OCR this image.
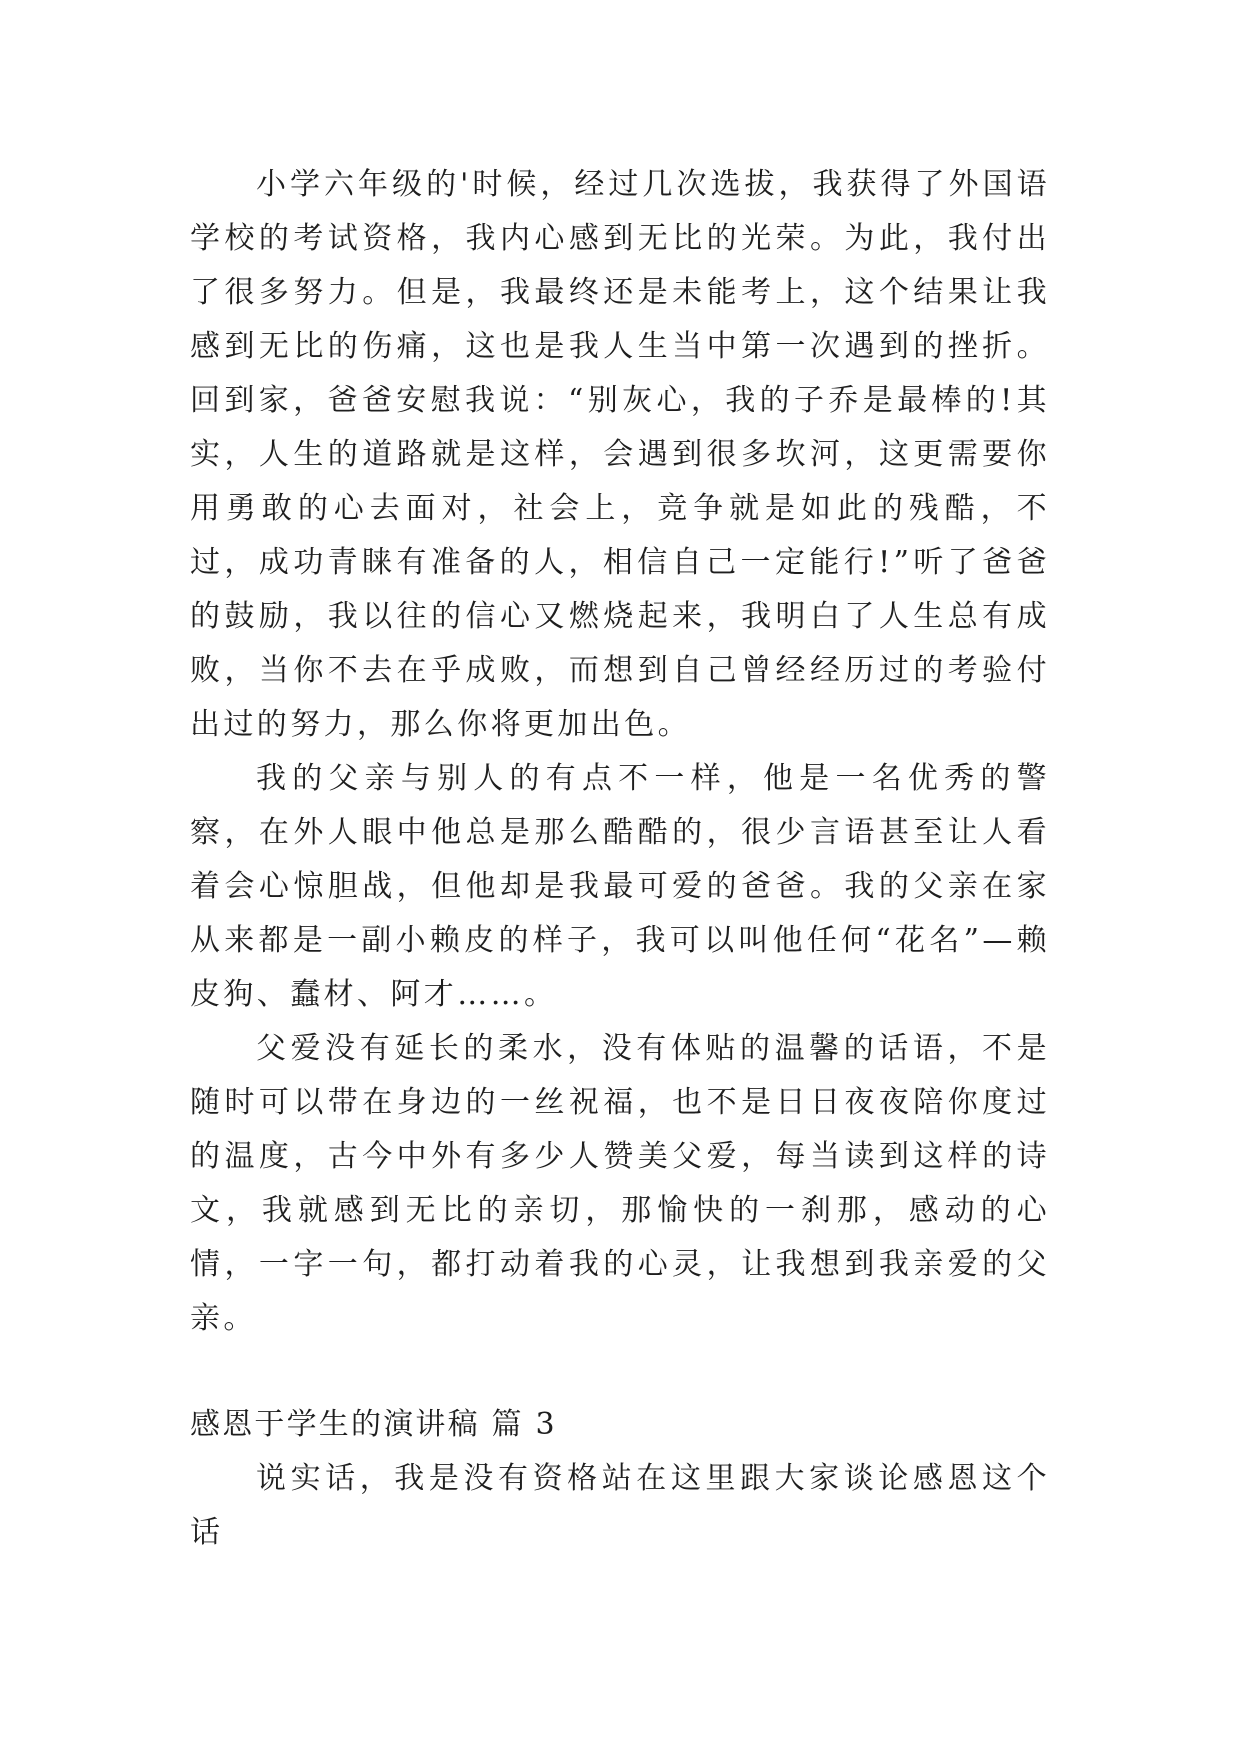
小学六年级的'时候，经过几次选拔，我获得了外国语学校的考试资格，我内心感到无比的光荣。为此，我付出了很多努力。但是，我最终还是未能考上，这个结果让我感到无比的伤痛，这也是我人生当中第一次遇到的挫折。回到家，爸爸安慰我说：“别灰心，我的子乔是最棒的!其实，人生的道路就是这样，会遇到很多坎河，这更需要你用勇敢的心去面对，社会上，竞争就是如此的残酷，不过，成功青睐有准备的人，相信自己一定能行!”听了爸爸的鼓励，我以往的信心又燃烧起来，我明白了人生总有成败，当你不去在乎成败，而想到自己曾经经历过的考验付出过的努力，那么你将更加出色。

我的父亲与别人的有点不一样，他是一名优秀的警察，在外人眼中他总是那么酷酷的，很少言语甚至让人看着会心惊胆战，但他却是我最可爱的爸爸。我的父亲在家从来都是一副小赖皮的样子，我可以叫他任何“花名”—赖皮狗、蠢材、阿才……。

父爱没有延长的柔水，没有体贴的温馨的话语，不是随时可以带在身边的一丝祝福，也不是日日夜夜陪你度过的温度，古今中外有多少人赞美父爱，每当读到这样的诗文，我就感到无比的亲切，那愉快的一刹那，感动的心情，一字一句，都打动着我的心灵，让我想到我亲爱的父亲。

感恩于学生的演讲稿 篇 3

说实话，我是没有资格站在这里跟大家谈论感恩这个话
